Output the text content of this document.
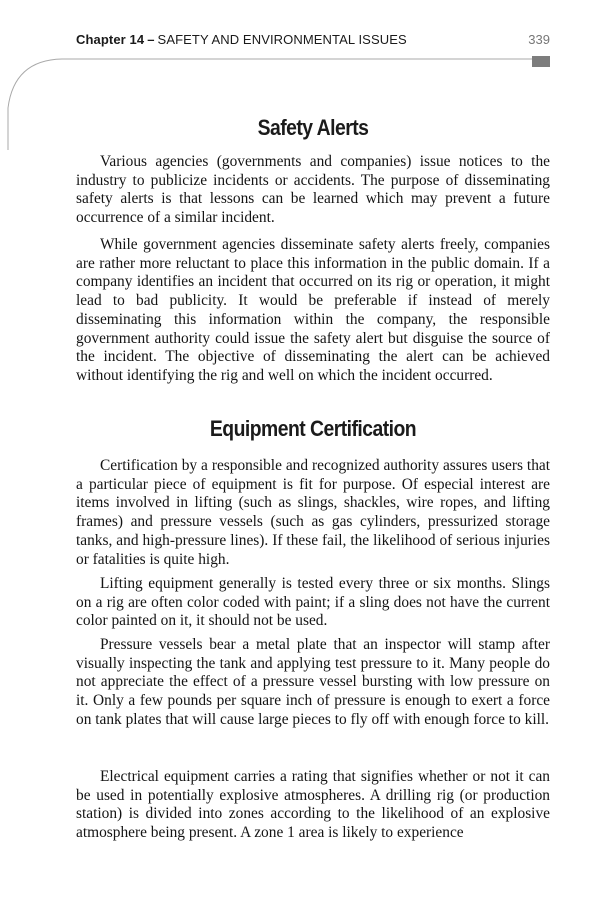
Chapter 14 – SAFETY AND ENVIRONMENTAL ISSUES	339
Safety Alerts

Various agencies (governments and companies) issue notices to the industry to publicize incidents or accidents. The purpose of disseminating safety alerts is that lessons can be learned which may prevent a future occurrence of a similar incident.

While government agencies disseminate safety alerts freely, companies are rather more reluctant to place this information in the public domain. If a company identifies an incident that occurred on its rig or operation, it might lead to bad publicity. It would be preferable if instead of merely disseminating this information within the company, the responsible government authority could issue the safety alert but disguise the source of the incident. The objective of disseminating the alert can be achieved without identifying the rig and well on which the incident occurred.

Equipment Certification

Certification by a responsible and recognized authority assures users that a particular piece of equipment is fit for purpose. Of especial interest are items involved in lifting (such as slings, shackles, wire ropes, and lifting frames) and pressure vessels (such as gas cylinders, pressurized storage tanks, and high-pressure lines). If these fail, the likelihood of serious injuries or fatalities is quite high.

Lifting equipment generally is tested every three or six months. Slings on a rig are often color coded with paint; if a sling does not have the current color painted on it, it should not be used.

Pressure vessels bear a metal plate that an inspector will stamp after visually inspecting the tank and applying test pressure to it. Many people do not appreciate the effect of a pressure vessel bursting with low pressure on it. Only a few pounds per square inch of pressure is enough to exert a force on tank plates that will cause large pieces to fly off with enough force to kill.

Electrical equipment carries a rating that signifies whether or not it can be used in potentially explosive atmospheres. A drilling rig (or production station) is divided into zones according to the likelihood of an explosive atmosphere being present. A zone 1 area is likely to experience
